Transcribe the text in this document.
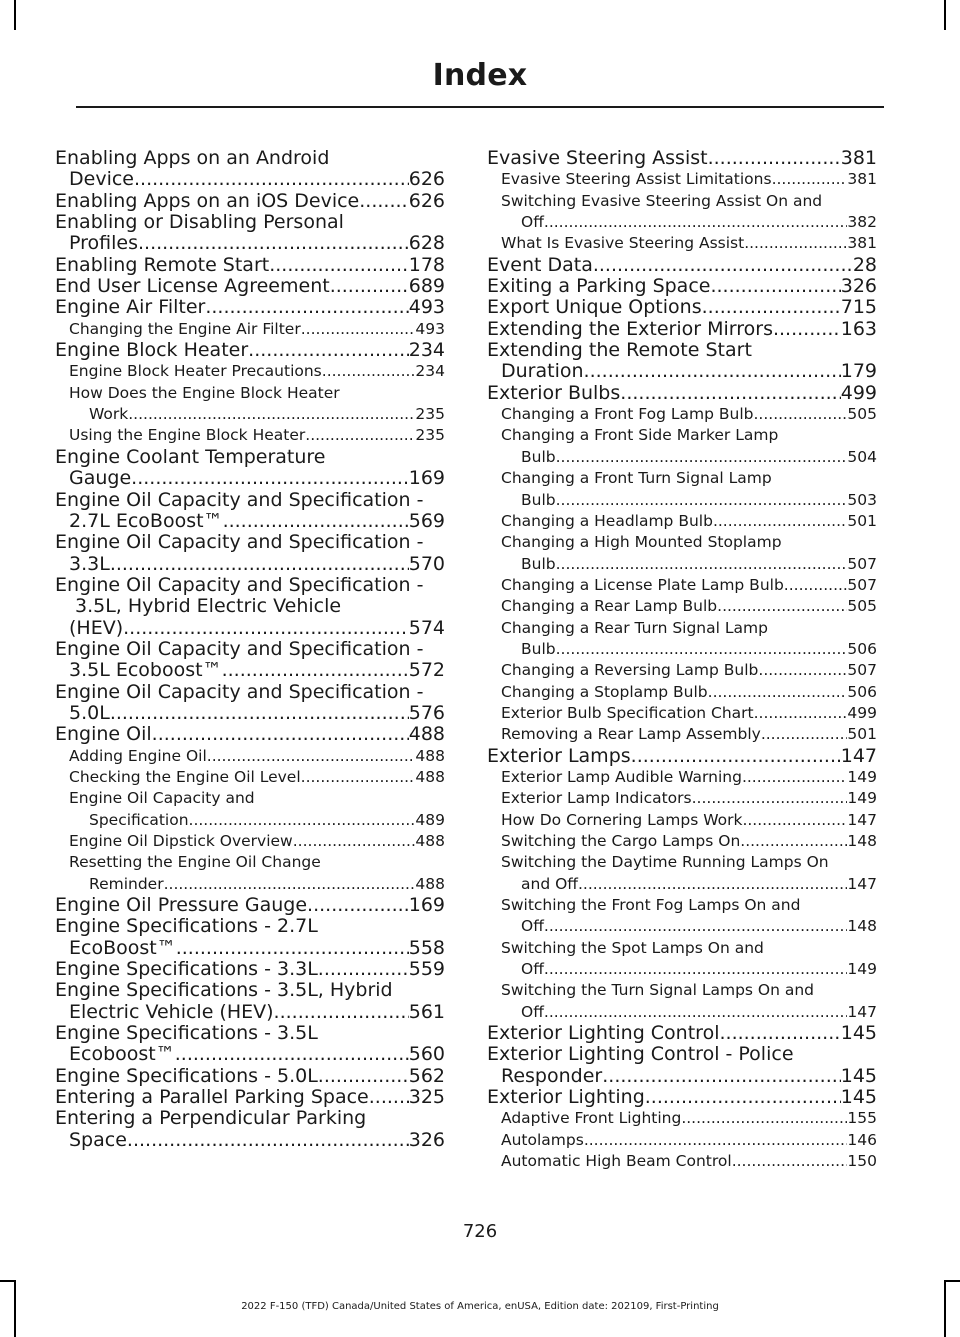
Index
Enabling Apps on an Android
Device .....	626
Enabling Apps on an iOS Device .....	626
Enabling or Disabling Personal
Profiles .....	628
Enabling Remote Start .....	178
End User License Agreement .....	689
Engine Air Filter .....	493
Changing the Engine Air Filter .....	493
Engine Block Heater .....	234
Engine Block Heater Precautions .....	234
How Does the Engine Block Heater
Work .....	235
Using the Engine Block Heater .....	235
Engine Coolant Temperature
Gauge .....	169
Engine Oil Capacity and Specification -
2.7L EcoBoost™ .....	569
Engine Oil Capacity and Specification -
3.3L .....	570
Engine Oil Capacity and Specification -
3.5L, Hybrid Electric Vehicle
(HEV) .....	574
Engine Oil Capacity and Specification -
3.5L Ecoboost™ .....	572
Engine Oil Capacity and Specification -
5.0L .....	576
Engine Oil .....	488
Adding Engine Oil .....	488
Checking the Engine Oil Level .....	488
Engine Oil Capacity and
Specification .....	489
Engine Oil Dipstick Overview .....	488
Resetting the Engine Oil Change
Reminder .....	488
Engine Oil Pressure Gauge .....	169
Engine Specifications - 2.7L
EcoBoost™ .....	558
Engine Specifications - 3.3L .....	559
Engine Specifications - 3.5L, Hybrid
Electric Vehicle (HEV) .....	561
Engine Specifications - 3.5L
Ecoboost™ .....	560
Engine Specifications - 5.0L .....	562
Entering a Parallel Parking Space ..... 325
Entering a Perpendicular Parking
Space .....	326
Evasive Steering Assist .....	381
Evasive Steering Assist Limitations .....	381
Switching Evasive Steering Assist On and
Off .....	382
What Is Evasive Steering Assist .....	381
Event Data .....	28
Exiting a Parking Space .....	326
Export Unique Options .....	715
Extending the Exterior Mirrors .....	163
Extending the Remote Start
Duration .....	179
Exterior Bulbs .....	499
Changing a Front Fog Lamp Bulb .....	505
Changing a Front Side Marker Lamp
Bulb .....	504
Changing a Front Turn Signal Lamp
Bulb .....	503
Changing a Headlamp Bulb .....	501
Changing a High Mounted Stoplamp
Bulb .....	507
Changing a License Plate Lamp Bulb .....	507
Changing a Rear Lamp Bulb .....	505
Changing a Rear Turn Signal Lamp
Bulb .....	506
Changing a Reversing Lamp Bulb .....	507
Changing a Stoplamp Bulb .....	506
Exterior Bulb Specification Chart .....	499
Removing a Rear Lamp Assembly .....	501
Exterior Lamps .....	147
Exterior Lamp Audible Warning .....	149
Exterior Lamp Indicators .....	149
How Do Cornering Lamps Work .....	147
Switching the Cargo Lamps On .....	148
Switching the Daytime Running Lamps On
and Off .....	147
Switching the Front Fog Lamps On and
Off .....	148
Switching the Spot Lamps On and
Off .....	149
Switching the Turn Signal Lamps On and
Off .....	147
Exterior Lighting Control .....	145
Exterior Lighting Control - Police
Responder .....	145
Exterior Lighting .....	145
Adaptive Front Lighting .....	155
Autolamps .....	146
Automatic High Beam Control .....	150
726
2022 F-150 (TFD) Canada/United States of America, enUSA, Edition date: 202109, First-Printing
